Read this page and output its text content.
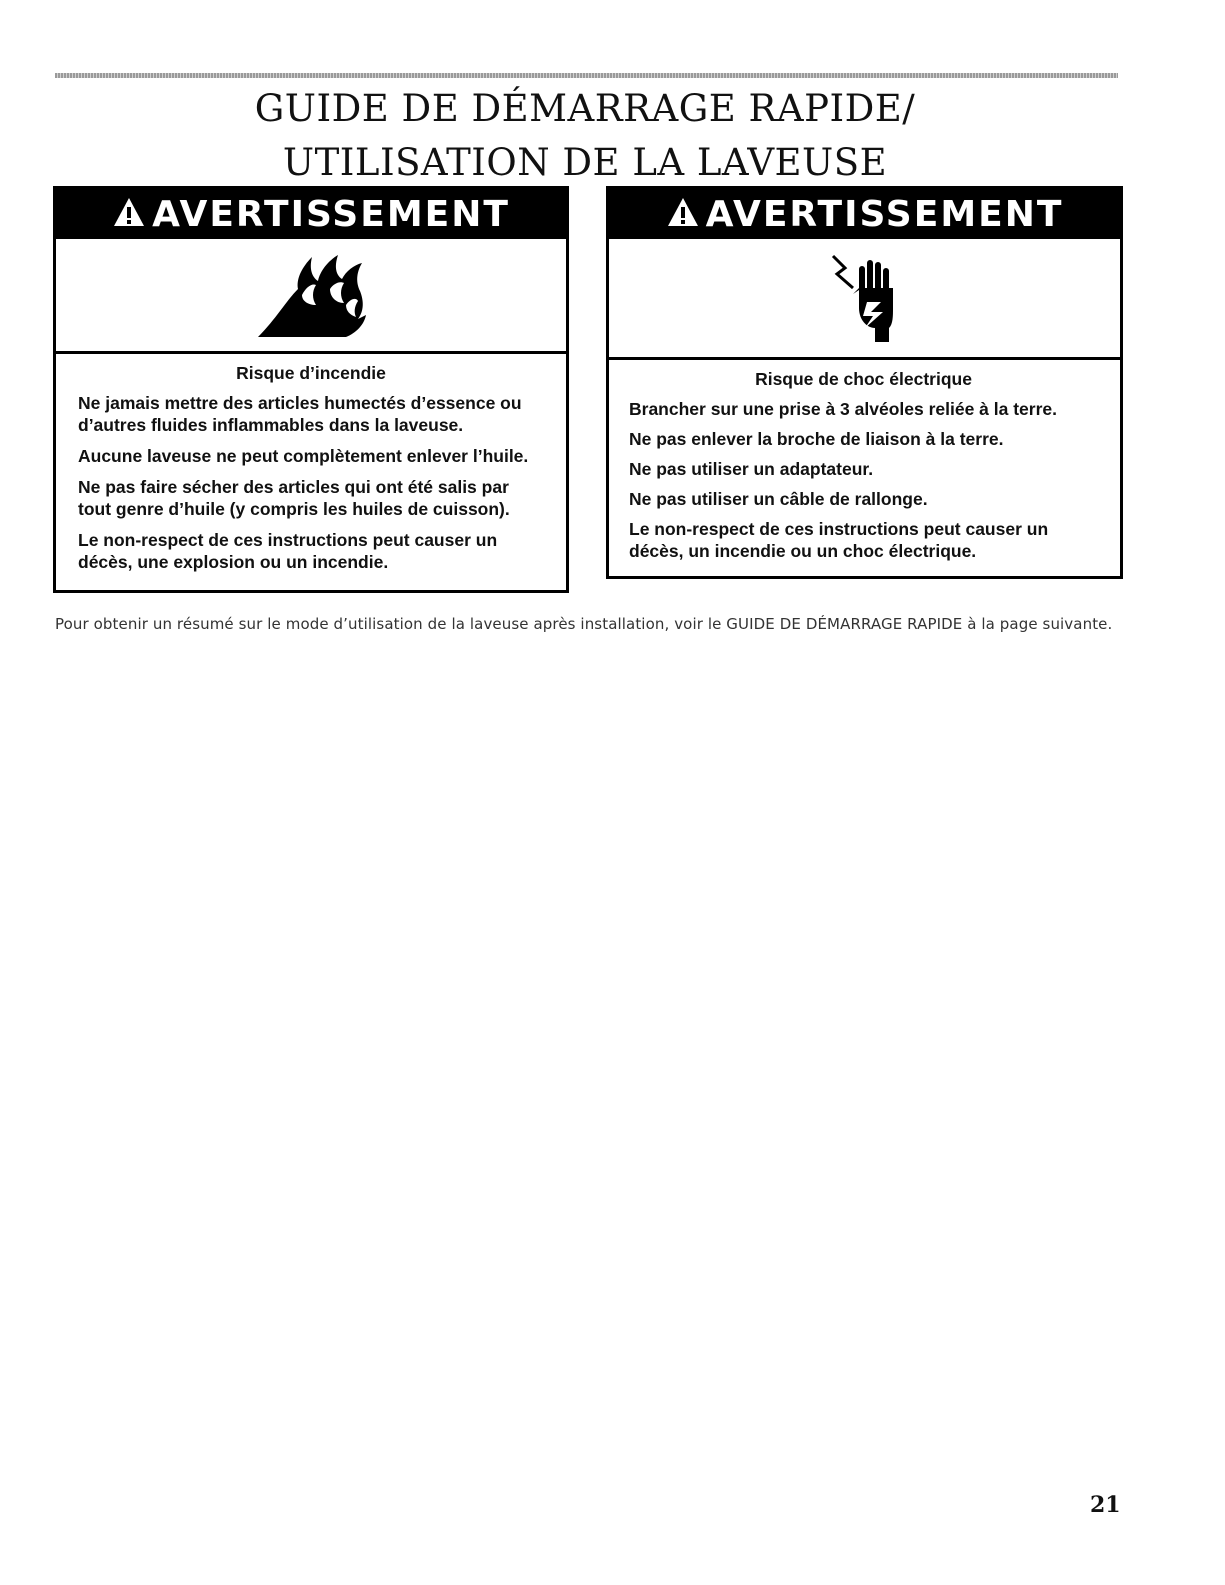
GUIDE DE DÉMARRAGE RAPIDE/
UTILISATION DE LA LAVEUSE
AVERTISSEMENT
Risque d’incendie

Ne jamais mettre des articles humectés d’essence ou d’autres fluides inflammables dans la laveuse.

Aucune laveuse ne peut complètement enlever l’huile.

Ne pas faire sécher des articles qui ont été salis par tout genre d’huile (y compris les huiles de cuisson).

Le non-respect de ces instructions peut causer un décès, une explosion ou un incendie.

AVERTISSEMENT
Risque de choc électrique

Brancher sur une prise à 3 alvéoles reliée à la terre.

Ne pas enlever la broche de liaison à la terre.

Ne pas utiliser un adaptateur.

Ne pas utiliser un câble de rallonge.

Le non-respect de ces instructions peut causer un décès, un incendie ou un choc électrique.

Pour obtenir un résumé sur le mode d’utilisation de la laveuse après installation, voir le GUIDE DE DÉMARRAGE RAPIDE à la page suivante.
21
